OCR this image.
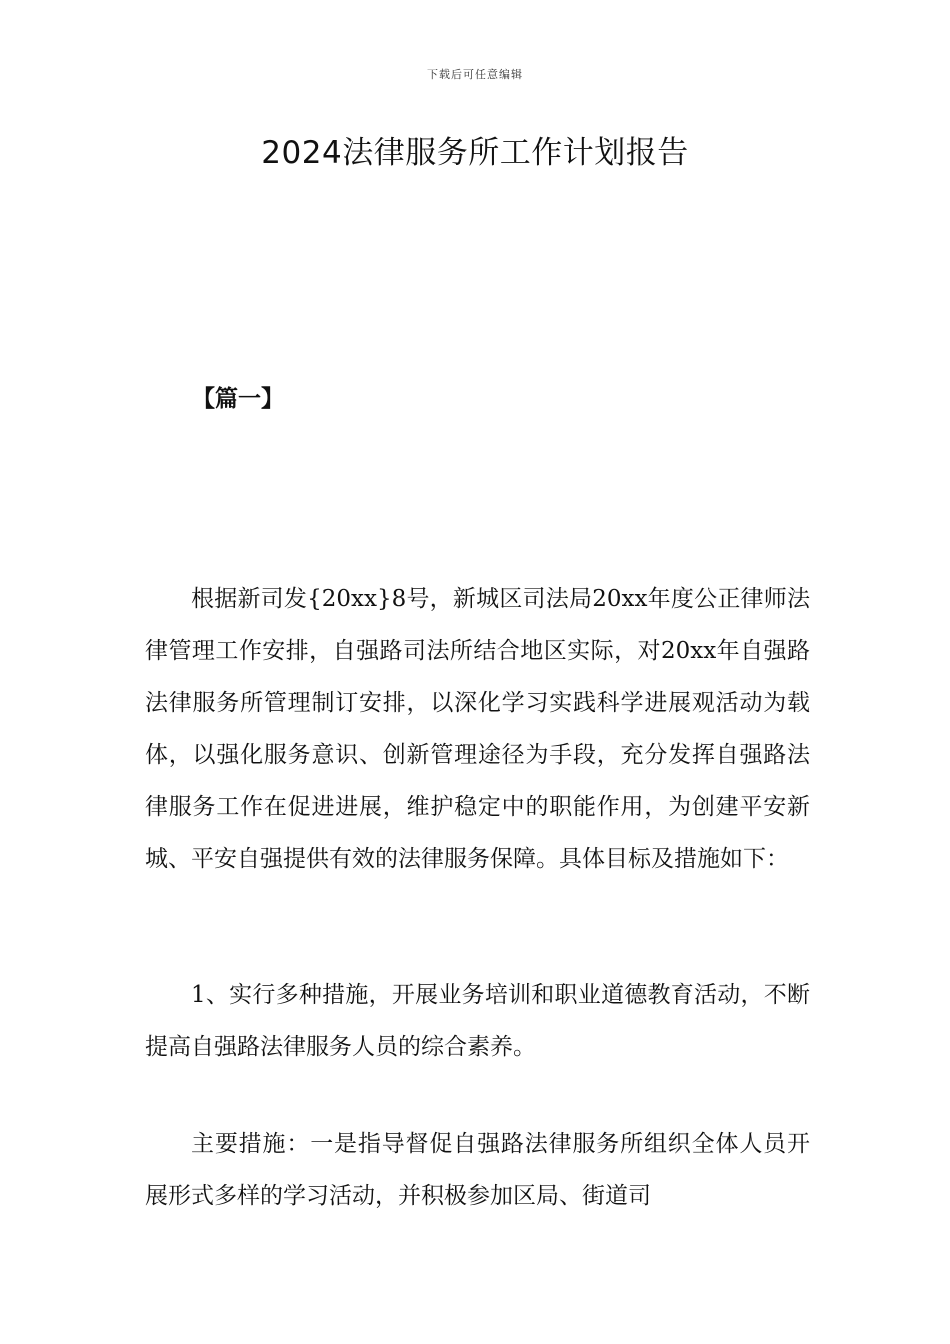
下载后可任意编辑
2024法律服务所工作计划报告
【篇一】

根据新司发{20xx}8号，新城区司法局20xx年度公正律师法律管理工作安排，自强路司法所结合地区实际，对20xx年自强路法律服务所管理制订安排，以深化学习实践科学进展观活动为载体，以强化服务意识、创新管理途径为手段，充分发挥自强路法律服务工作在促进进展，维护稳定中的职能作用，为创建平安新城、平安自强提供有效的法律服务保障。具体目标及措施如下：

1、实行多种措施，开展业务培训和职业道德教育活动，不断提高自强路法律服务人员的综合素养。

主要措施：一是指导督促自强路法律服务所组织全体人员开展形式多样的学习活动，并积极参加区局、街道司
